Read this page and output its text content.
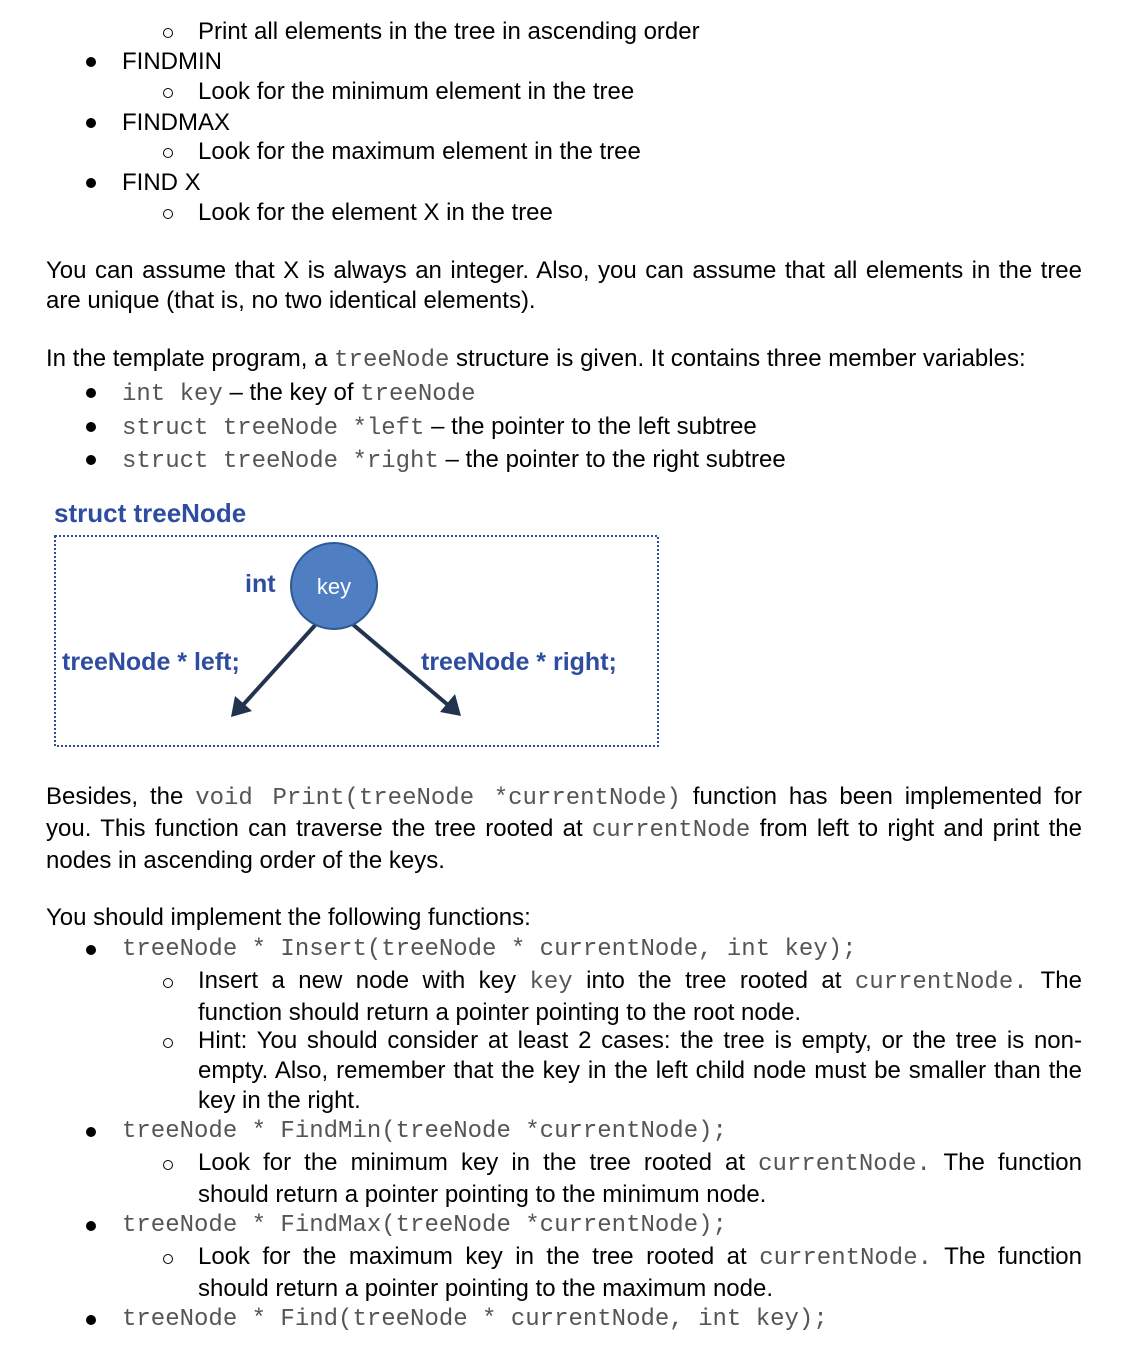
Print all elements in the tree in ascending order
FINDMIN
Look for the minimum element in the tree
FINDMAX
Look for the maximum element in the tree
FIND X
Look for the element X in the tree
You can assume that X is always an integer. Also, you can assume that all elements in the tree are unique (that is, no two identical elements).
In the template program, a treeNode structure is given. It contains three member variables:
int key – the key of treeNode
struct treeNode *left – the pointer to the left subtree
struct treeNode *right – the pointer to the right subtree
struct treeNode
key
int
treeNode * left;	treeNode * right;
Besides, the void Print(treeNode *currentNode) function has been implemented for you. This function can traverse the tree rooted at currentNode from left to right and print the nodes in ascending order of the keys.
You should implement the following functions:
treeNode * Insert(treeNode * currentNode, int key);
Insert a new node with key key into the tree rooted at currentNode. The function should return a pointer pointing to the root node.
Hint: You should consider at least 2 cases: the tree is empty, or the tree is non-empty. Also, remember that the key in the left child node must be smaller than the key in the right.
treeNode * FindMin(treeNode *currentNode);
Look for the minimum key in the tree rooted at currentNode. The function should return a pointer pointing to the minimum node.
treeNode * FindMax(treeNode *currentNode);
Look for the maximum key in the tree rooted at currentNode. The function should return a pointer pointing to the maximum node.
treeNode * Find(treeNode * currentNode, int key);
